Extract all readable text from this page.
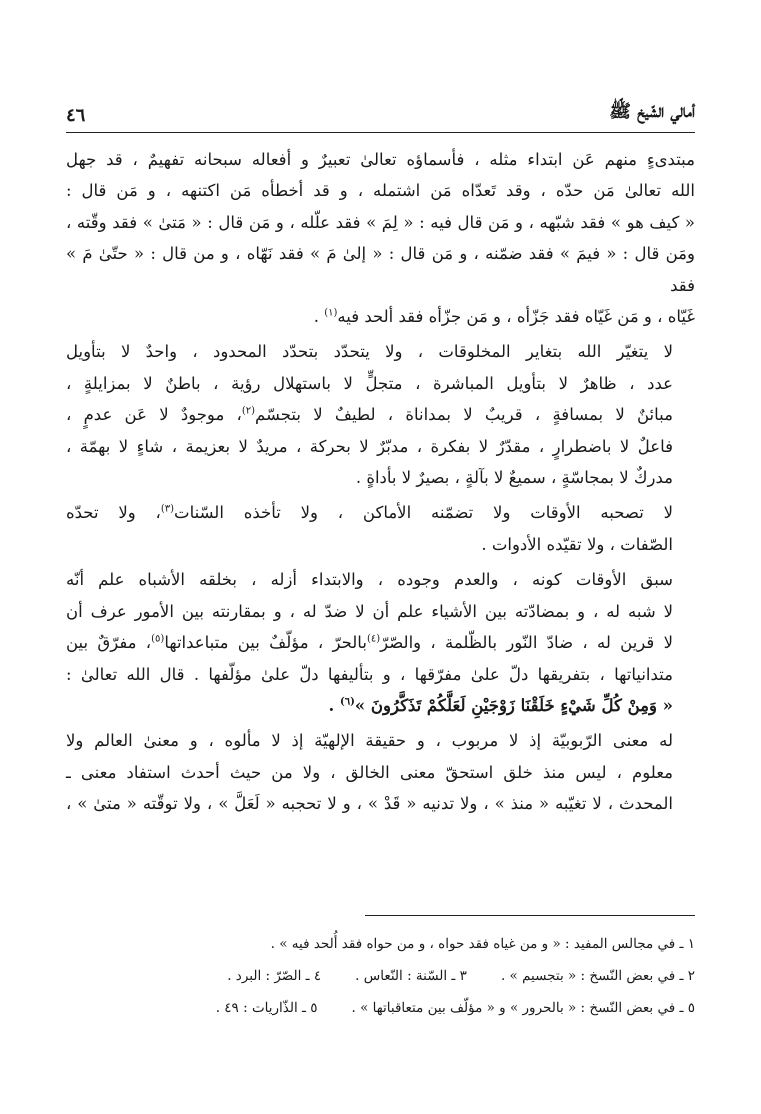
أمالي الشّيخ ﷺ
٤٦

مبتدىءٍ منهم عَن ابتداء مثله ، فأسماؤه تعالىٰ تعبيرٌ و أفعاله سبحانه تفهيمٌ ، قد جهل
الله تعالىٰ مَن حدّه ، وقد تَعدّاه مَن اشتمله ، و قد أخطأه مَن اكتنهه ، و مَن قال :
« كيف هو » فقد شبّهه ، و مَن قال فيه : « لِمَ » فقد علّله ، و مَن قال : « مَتىٰ » فقد وقّته ،
ومَن قال : « فيمَ » فقد ضمّنه ، و مَن قال : « إلىٰ مَ » فقد نَهّاه ، و من قال : « حتّیٰ مَ » فقد
غَيّاه ، و مَن غَيّاه فقد جَزّأه ، و مَن جزّأه فقد ألحد فيه$^{(١)}$ .

لا يتغيّر الله بتغاير المخلوقات ، ولا يتحدّد بتحدّد المحدود ، واحدٌ لا بتأويل
عدد ، ظاهرٌ لا بتأويل المباشرة ، متجلٍّ لا باستهلال رؤية ، باطنٌ لا بمزايلةٍ ،
مبائنٌ لا بمسافةٍ ، قريبٌ لا بمداناة ، لطيفٌ لا بتجسّم$^{(٢)}$، موجودٌ لا عَن عدمٍ ،
فاعلٌ لا باضطرارٍ ، مقدّرٌ لا بفكرة ، مدبّرٌ لا بحركة ، مريدٌ لا بعزيمة ، شاءٍ لا بهمّة ،
مدركٌ لا بمجاسّةٍ ، سميعٌ لا بآلةٍ ، بصيرٌ لا بأداةٍ .

لا تصحبه الأوقات ولا تضمّنه الأماكن ، ولا تأخذه السّنات$^{(٣)}$، ولا تحدّه
الصّفات ، ولا تقيّده الأدوات .

سبق الأوقات كونه ، والعدم وجوده ، والابتداء أزله ، بخلقه الأشباه علم أنّه
لا شبه له ، و بمضادّته بين الأشياء علم أن لا ضدّ له ، و بمقارنته بين الأمور عرف أن
لا قرين له ، ضادّ النّور بالظّلمة ، والصّرّ$^{(٤)}$بالحرّ ، مؤلّفٌ بين متباعداتها$^{(٥)}$، مفرّقٌ بين
متدانياتها ، بتفريقها دلّ علىٰ مفرّقها ، و بتأليفها دلّ علىٰ مؤلّفها . قال الله تعالىٰ :
« وَمِنْ كُلِّ شَيْءٍ خَلَقْنَا زَوْجَيْنِ لَعَلَّكُمْ تَذَكَّرُونَ »$^{(٦)}$ .

له معنى الرّبوبيّة إذ لا مربوب ، و حقيقة الإلهيّة إذ لا مألوه ، و معنىٰ العالم ولا
معلوم ، ليس منذ خلق استحقّ معنى الخالق ، ولا من حيث أحدث استفاد معنى ـ
المحدث ، لا تغيّبه « منذ » ، ولا تدنيه « قَدْ » ، و لا تحجبه « لَعَلَّ » ، ولا توقّته « متىٰ » ،

١ ـ في مجالس المفيد : « و من غياه فقد حواه ، و من حواه فقد أُلحد فيه » .
٢ ـ في بعض النّسخ : « بتجسيم » .
٣ ـ السّنة : النّعاس .
٤ ـ الصّرّ : البرد .
٥ ـ في بعض النّسخ : « بالحرور » و « مؤلّف بين متعاقباتها » .
٥ ـ الذّاريات : ٤٩ .
